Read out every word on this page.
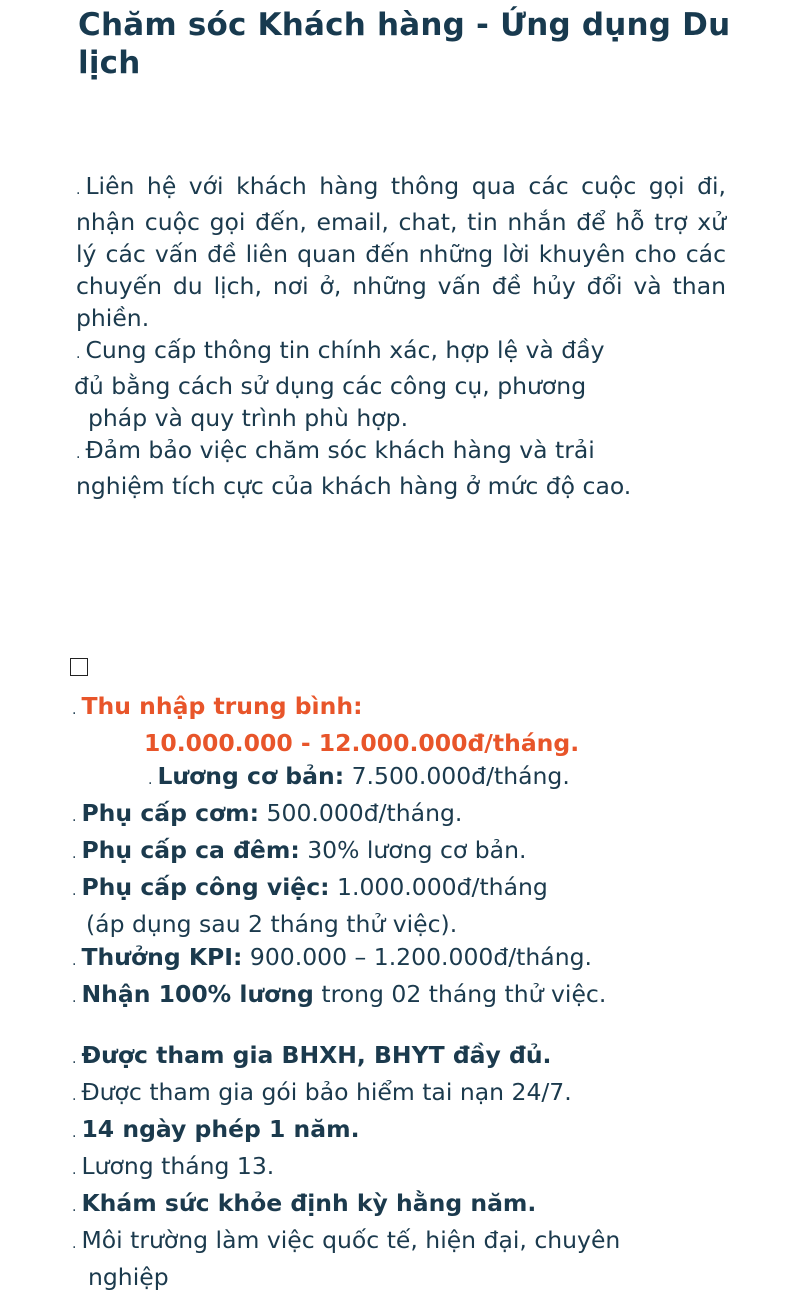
Chăm sóc Khách hàng - Ứng dụng Du lịch
. Liên hệ với khách hàng thông qua các cuộc gọi đi, nhận cuộc gọi đến, email, chat, tin nhắn để hỗ trợ xử lý các vấn đề liên quan đến những lời khuyên cho các chuyến du lịch, nơi ở, những vấn đề hủy đổi và than phiền.
. Cung cấp thông tin chính xác, hợp lệ và đầy
đủ bằng cách sử dụng các công cụ, phương
pháp và quy trình phù hợp.
. Đảm bảo việc chăm sóc khách hàng và trải
nghiệm tích cực của khách hàng ở mức độ cao.
. Thu nhập trung bình:
10.000.000 - 12.000.000đ/tháng.
. Lương cơ bản: 7.500.000đ/tháng.
. Phụ cấp cơm: 500.000đ/tháng.
. Phụ cấp ca đêm: 30% lương cơ bản.
. Phụ cấp công việc: 1.000.000đ/tháng
(áp dụng sau 2 tháng thử việc).
. Thưởng KPI: 900.000 – 1.200.000đ/tháng.
. Nhận 100% lương trong 02 tháng thử việc.
. Được tham gia BHXH, BHYT đầy đủ.
. Được tham gia gói bảo hiểm tai nạn 24/7.
. 14 ngày phép 1 năm.
. Lương tháng 13.
. Khám sức khỏe định kỳ hằng năm.
. Môi trường làm việc quốc tế, hiện đại, chuyên
nghiệp
